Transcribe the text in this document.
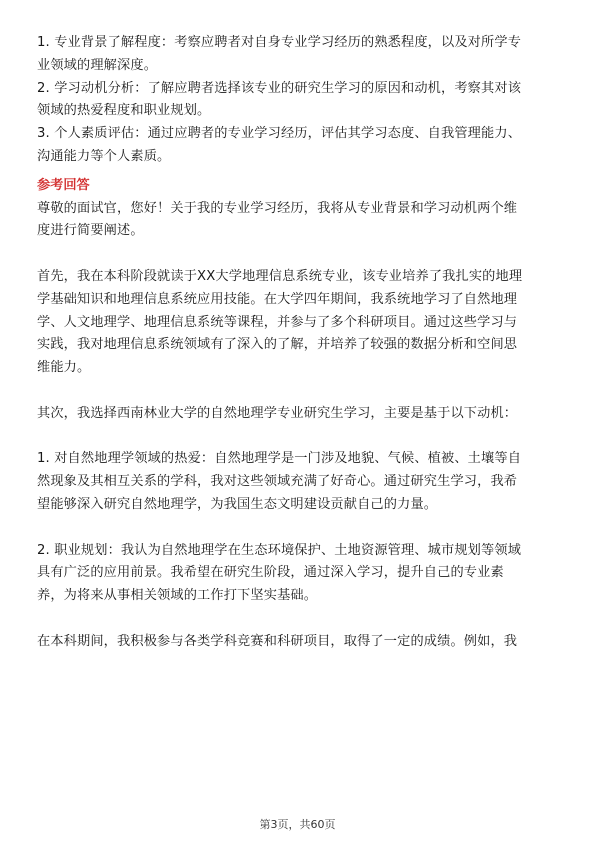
1. 专业背景了解程度：考察应聘者对自身专业学习经历的熟悉程度，以及对所学专
业领域的理解深度。
2. 学习动机分析：了解应聘者选择该专业的研究生学习的原因和动机，考察其对该
领域的热爱程度和职业规划。
3. 个人素质评估：通过应聘者的专业学习经历，评估其学习态度、自我管理能力、
沟通能力等个人素质。
参考回答
尊敬的面试官，您好！关于我的专业学习经历，我将从专业背景和学习动机两个维
度进行简要阐述。
首先，我在本科阶段就读于XX大学地理信息系统专业，该专业培养了我扎实的地理
学基础知识和地理信息系统应用技能。在大学四年期间，我系统地学习了自然地理
学、人文地理学、地理信息系统等课程，并参与了多个科研项目。通过这些学习与
实践，我对地理信息系统领域有了深入的了解，并培养了较强的数据分析和空间思
维能力。
其次，我选择西南林业大学的自然地理学专业研究生学习，主要是基于以下动机：
1. 对自然地理学领域的热爱：自然地理学是一门涉及地貌、气候、植被、土壤等自
然现象及其相互关系的学科，我对这些领域充满了好奇心。通过研究生学习，我希
望能够深入研究自然地理学，为我国生态文明建设贡献自己的力量。
2. 职业规划：我认为自然地理学在生态环境保护、土地资源管理、城市规划等领域
具有广泛的应用前景。我希望在研究生阶段，通过深入学习，提升自己的专业素
养，为将来从事相关领域的工作打下坚实基础。
在本科期间，我积极参与各类学科竞赛和科研项目，取得了一定的成绩。例如，我
第3页，共60页
